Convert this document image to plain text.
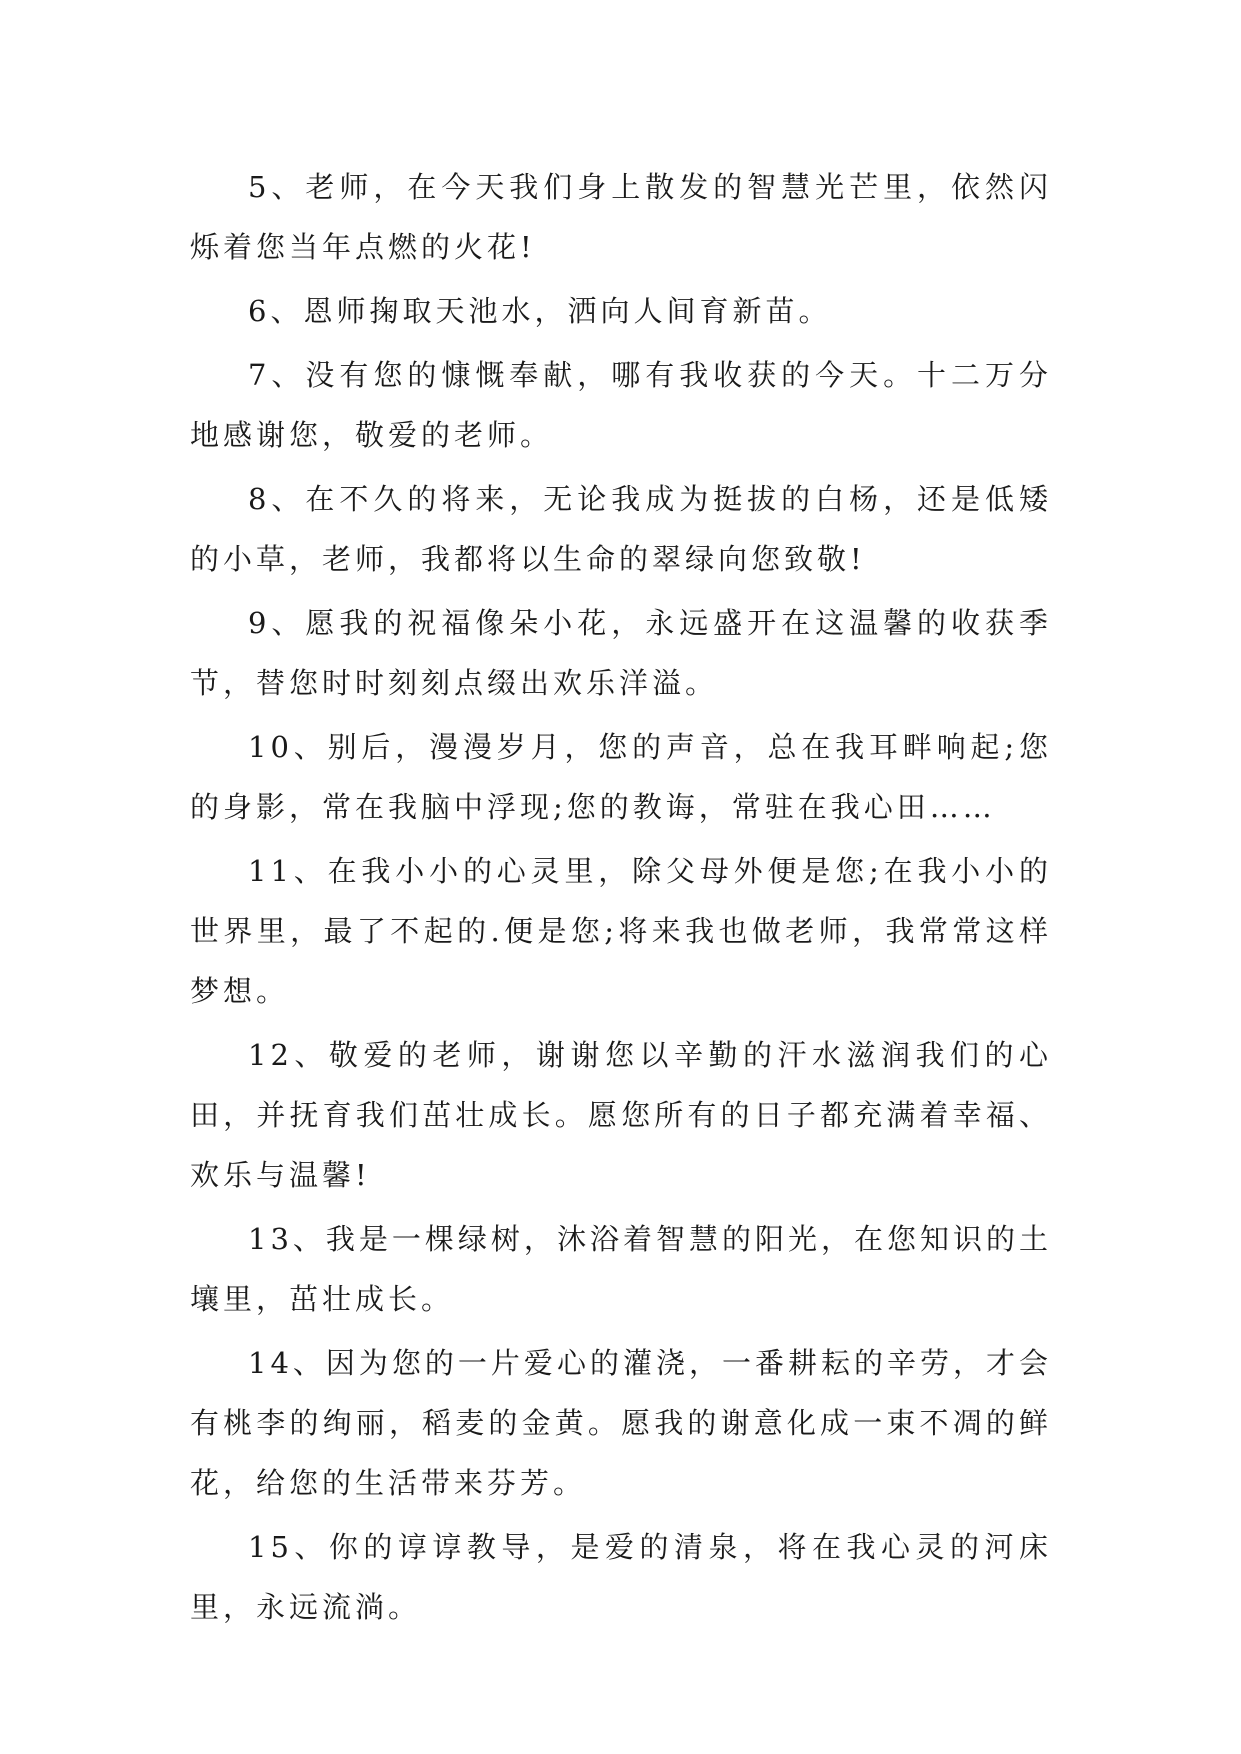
5、老师，在今天我们身上散发的智慧光芒里，依然闪烁着您当年点燃的火花!

6、恩师掬取天池水，洒向人间育新苗。

7、没有您的慷慨奉献，哪有我收获的今天。十二万分地感谢您，敬爱的老师。

8、在不久的将来，无论我成为挺拔的白杨，还是低矮的小草，老师，我都将以生命的翠绿向您致敬!

9、愿我的祝福像朵小花，永远盛开在这温馨的收获季节，替您时时刻刻点缀出欢乐洋溢。

10、别后，漫漫岁月，您的声音，总在我耳畔响起;您的身影，常在我脑中浮现;您的教诲，常驻在我心田……

11、在我小小的心灵里，除父母外便是您;在我小小的世界里，最了不起的.便是您;将来我也做老师，我常常这样梦想。

12、敬爱的老师，谢谢您以辛勤的汗水滋润我们的心田，并抚育我们茁壮成长。愿您所有的日子都充满着幸福、欢乐与温馨!

13、我是一棵绿树，沐浴着智慧的阳光，在您知识的土壤里，茁壮成长。

14、因为您的一片爱心的灌浇，一番耕耘的辛劳，才会有桃李的绚丽，稻麦的金黄。愿我的谢意化成一束不凋的鲜花，给您的生活带来芬芳。

15、你的谆谆教导，是爱的清泉，将在我心灵的河床里，永远流淌。
